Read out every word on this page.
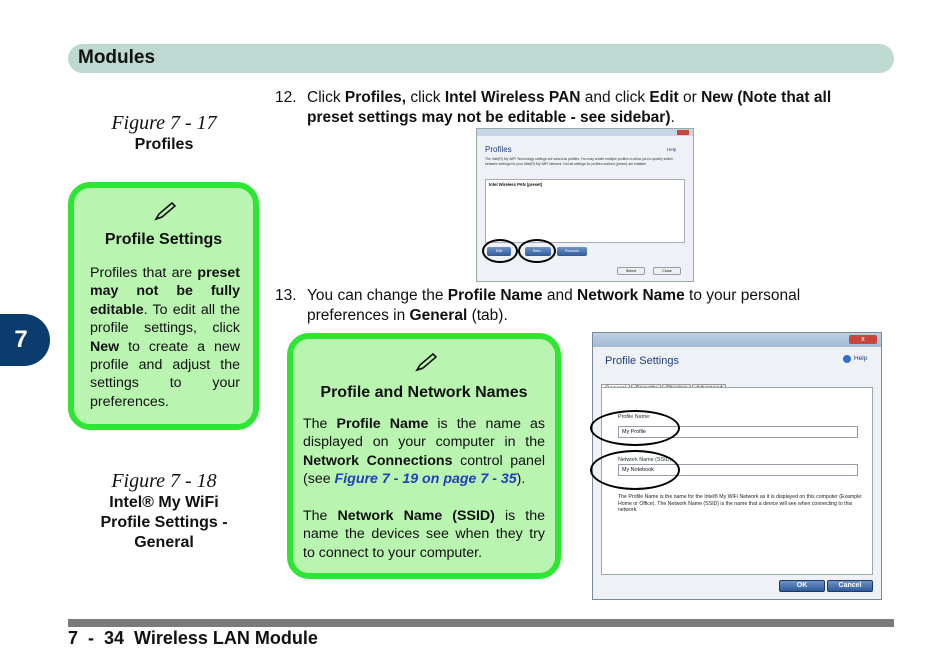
Modules
7
Figure 7 - 17
Profiles
Profile Settings
Profiles that are preset may not be fully editable. To edit all the profile settings, click New to create a new profile and adjust the settings to your preferences.
Figure 7 - 18
Intel® My WiFi
Profile Settings -
General
12. Click Profiles, click Intel Wireless PAN and click Edit or New (Note that all
preset settings may not be editable - see sidebar).
Profiles	Help
The Intel(R) My WiFi Technology settings are saved as profiles. You may create multiple profiles to allow you to quickly switch between settings for your Intel(R) My WiFi Network. Not all settings for profiles marked (preset) are editable.
Intel Wireless PAN (preset)
Edit	New...	Remove
Select	Close
13. You can change the Profile Name and Network Name to your personal
preferences in General (tab).
Profile and Network Names
The Profile Name is the name as displayed on your computer in the Network Connections control panel (see Figure 7 - 19 on page 7 - 35).
The Network Name (SSID) is the name the devices see when they try to connect to your computer.
x
Profile Settings	Help
Profile Name:
My Profile
Network Name (SSID):
My Notebook
The Profile Name is the name for the Intel® My WiFi Network as it is displayed on this computer (Example: Home or Office). The Network Name (SSID) is the name that a device will see when connecting to this network.
OK	Cancel
7  -  34  Wireless LAN Module
